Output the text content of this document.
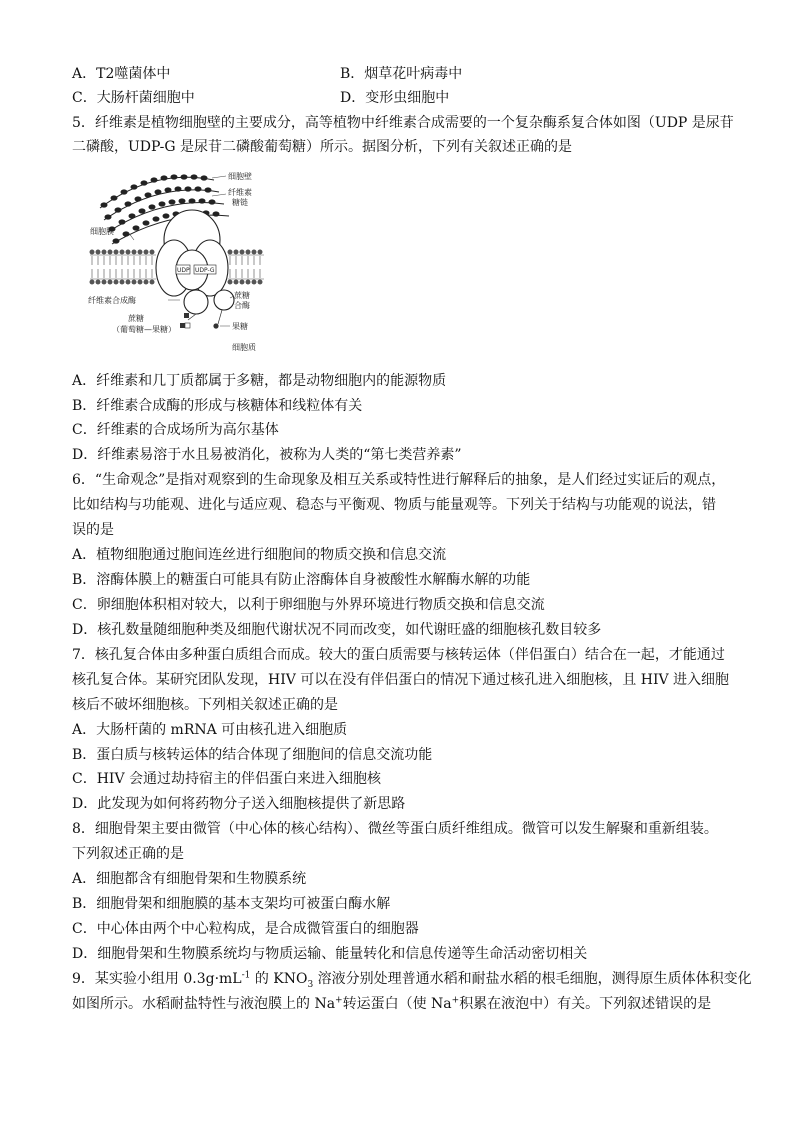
A．T2噬菌体中	B．烟草花叶病毒中
C．大肠杆菌细胞中	D．变形虫细胞中
5．纤维素是植物细胞壁的主要成分，高等植物中纤维素合成需要的一个复杂酶系复合体如图（UDP 是尿苷
二磷酸，UDP-G 是尿苷二磷酸葡萄糖）所示。据图分析，下列有关叙述正确的是
UDP UDP-G
细胞壁
纤维素
糖链
细胞膜
纤维素合成酶
蔗糖
合酶
蔗糖
（葡萄糖—果糖）	果糖
细胞质
A．纤维素和几丁质都属于多糖，都是动物细胞内的能源物质
B．纤维素合成酶的形成与核糖体和线粒体有关
C．纤维素的合成场所为高尔基体
D．纤维素易溶于水且易被消化，被称为人类的“第七类营养素”
6．“生命观念”是指对观察到的生命现象及相互关系或特性进行解释后的抽象，是人们经过实证后的观点，
比如结构与功能观、进化与适应观、稳态与平衡观、物质与能量观等。下列关于结构与功能观的说法，错
误的是
A．植物细胞通过胞间连丝进行细胞间的物质交换和信息交流
B．溶酶体膜上的糖蛋白可能具有防止溶酶体自身被酸性水解酶水解的功能
C．卵细胞体积相对较大，以利于卵细胞与外界环境进行物质交换和信息交流
D．核孔数量随细胞种类及细胞代谢状况不同而改变，如代谢旺盛的细胞核孔数目较多
7．核孔复合体由多种蛋白质组合而成。较大的蛋白质需要与核转运体（伴侣蛋白）结合在一起，才能通过
核孔复合体。某研究团队发现，HIV 可以在没有伴侣蛋白的情况下通过核孔进入细胞核，且 HIV 进入细胞
核后不破坏细胞核。下列相关叙述正确的是
A．大肠杆菌的 mRNA 可由核孔进入细胞质
B．蛋白质与核转运体的结合体现了细胞间的信息交流功能
C．HIV 会通过劫持宿主的伴侣蛋白来进入细胞核
D．此发现为如何将药物分子送入细胞核提供了新思路
8．细胞骨架主要由微管（中心体的核心结构）、微丝等蛋白质纤维组成。微管可以发生解聚和重新组装。
下列叙述正确的是
A．细胞都含有细胞骨架和生物膜系统
B．细胞骨架和细胞膜的基本支架均可被蛋白酶水解
C．中心体由两个中心粒构成，是合成微管蛋白的细胞器
D．细胞骨架和生物膜系统均与物质运输、能量转化和信息传递等生命活动密切相关
9．某实验小组用 $0.3g\cdot mL^{-1}$ 的 $KNO_3$ 溶液分别处理普通水稻和耐盐水稻的根毛细胞，测得原生质体体积变化
如图所示。水稻耐盐特性与液泡膜上的 Na+转运蛋白（使 Na+积累在液泡中）有关。下列叙述错误的是
